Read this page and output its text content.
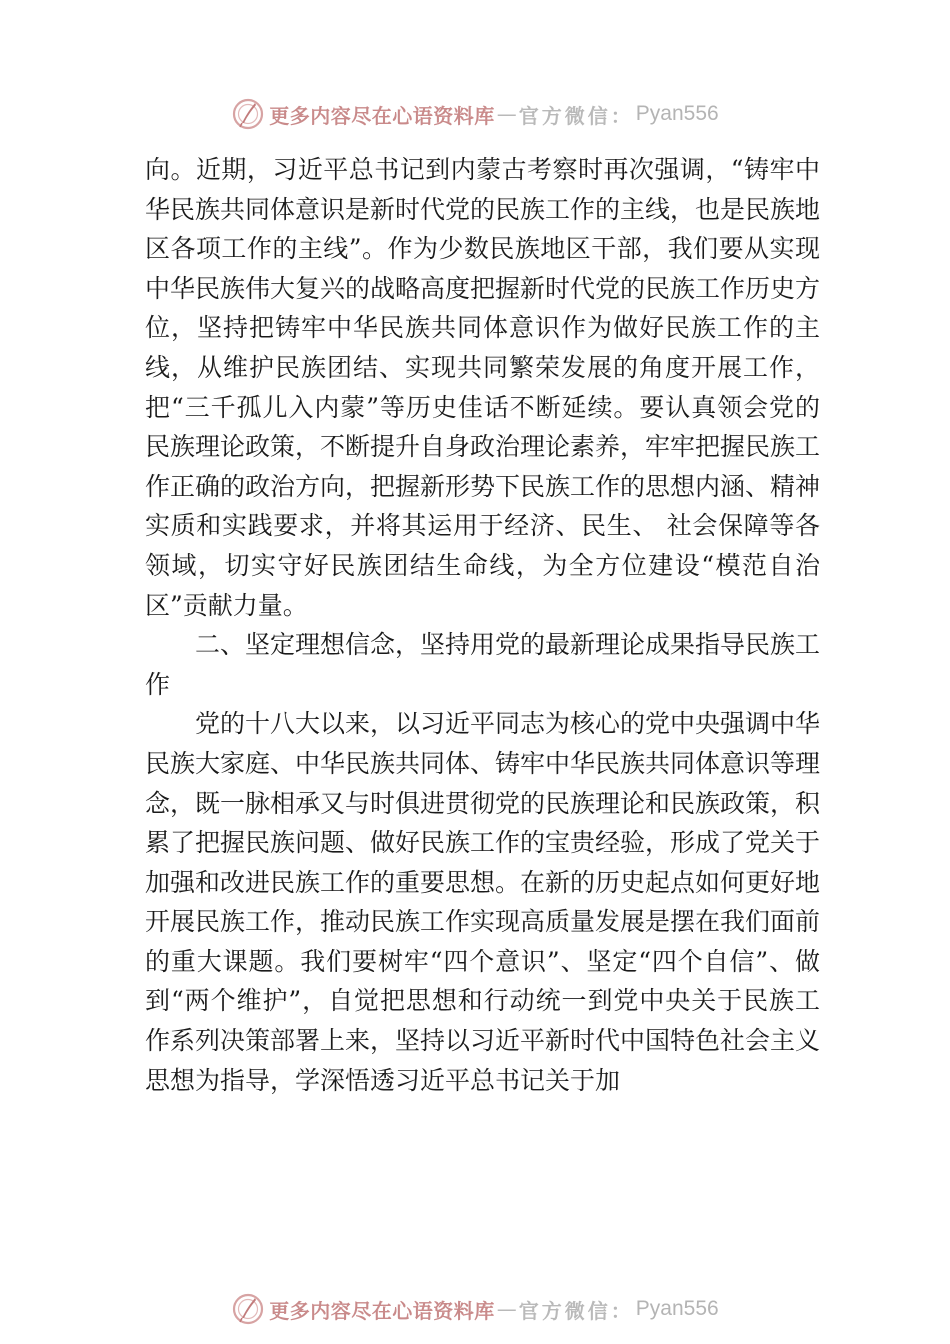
更多内容尽在心语资料库 — 官方微信： Pyan556

向。近期，习近平总书记到内蒙古考察时再次强调，“铸牢中华民族共同体意识是新时代党的民族工作的主线，也是民族地区各项工作的主线”。作为少数民族地区干部，我们要从实现中华民族伟大复兴的战略高度把握新时代党的民族工作历史方位，坚持把铸牢中华民族共同体意识作为做好民族工作的主线，从维护民族团结、实现共同繁荣发展的角度开展工作，把“三千孤儿入内蒙”等历史佳话不断延续。要认真领会党的民族理论政策，不断提升自身政治理论素养，牢牢把握民族工作正确的政治方向，把握新形势下民族工作的思想内涵、精神实质和实践要求，并将其运用于经济、民生、 社会保障等各领域，切实守好民族团结生命线，为全方位建设“模范自治区”贡献力量。

二、坚定理想信念，坚持用党的最新理论成果指导民族工作

党的十八大以来，以习近平同志为核心的党中央强调中华民族大家庭、中华民族共同体、铸牢中华民族共同体意识等理念，既一脉相承又与时俱进贯彻党的民族理论和民族政策，积累了把握民族问题、做好民族工作的宝贵经验，形成了党关于加强和改进民族工作的重要思想。在新的历史起点如何更好地开展民族工作，推动民族工作实现高质量发展是摆在我们面前的重大课题。我们要树牢“四个意识”、坚定“四个自信”、做到“两个维护”，自觉把思想和行动统一到党中央关于民族工作系列决策部署上来，坚持以习近平新时代中国特色社会主义思想为指导，学深悟透习近平总书记关于加

更多内容尽在心语资料库 — 官方微信： Pyan556
